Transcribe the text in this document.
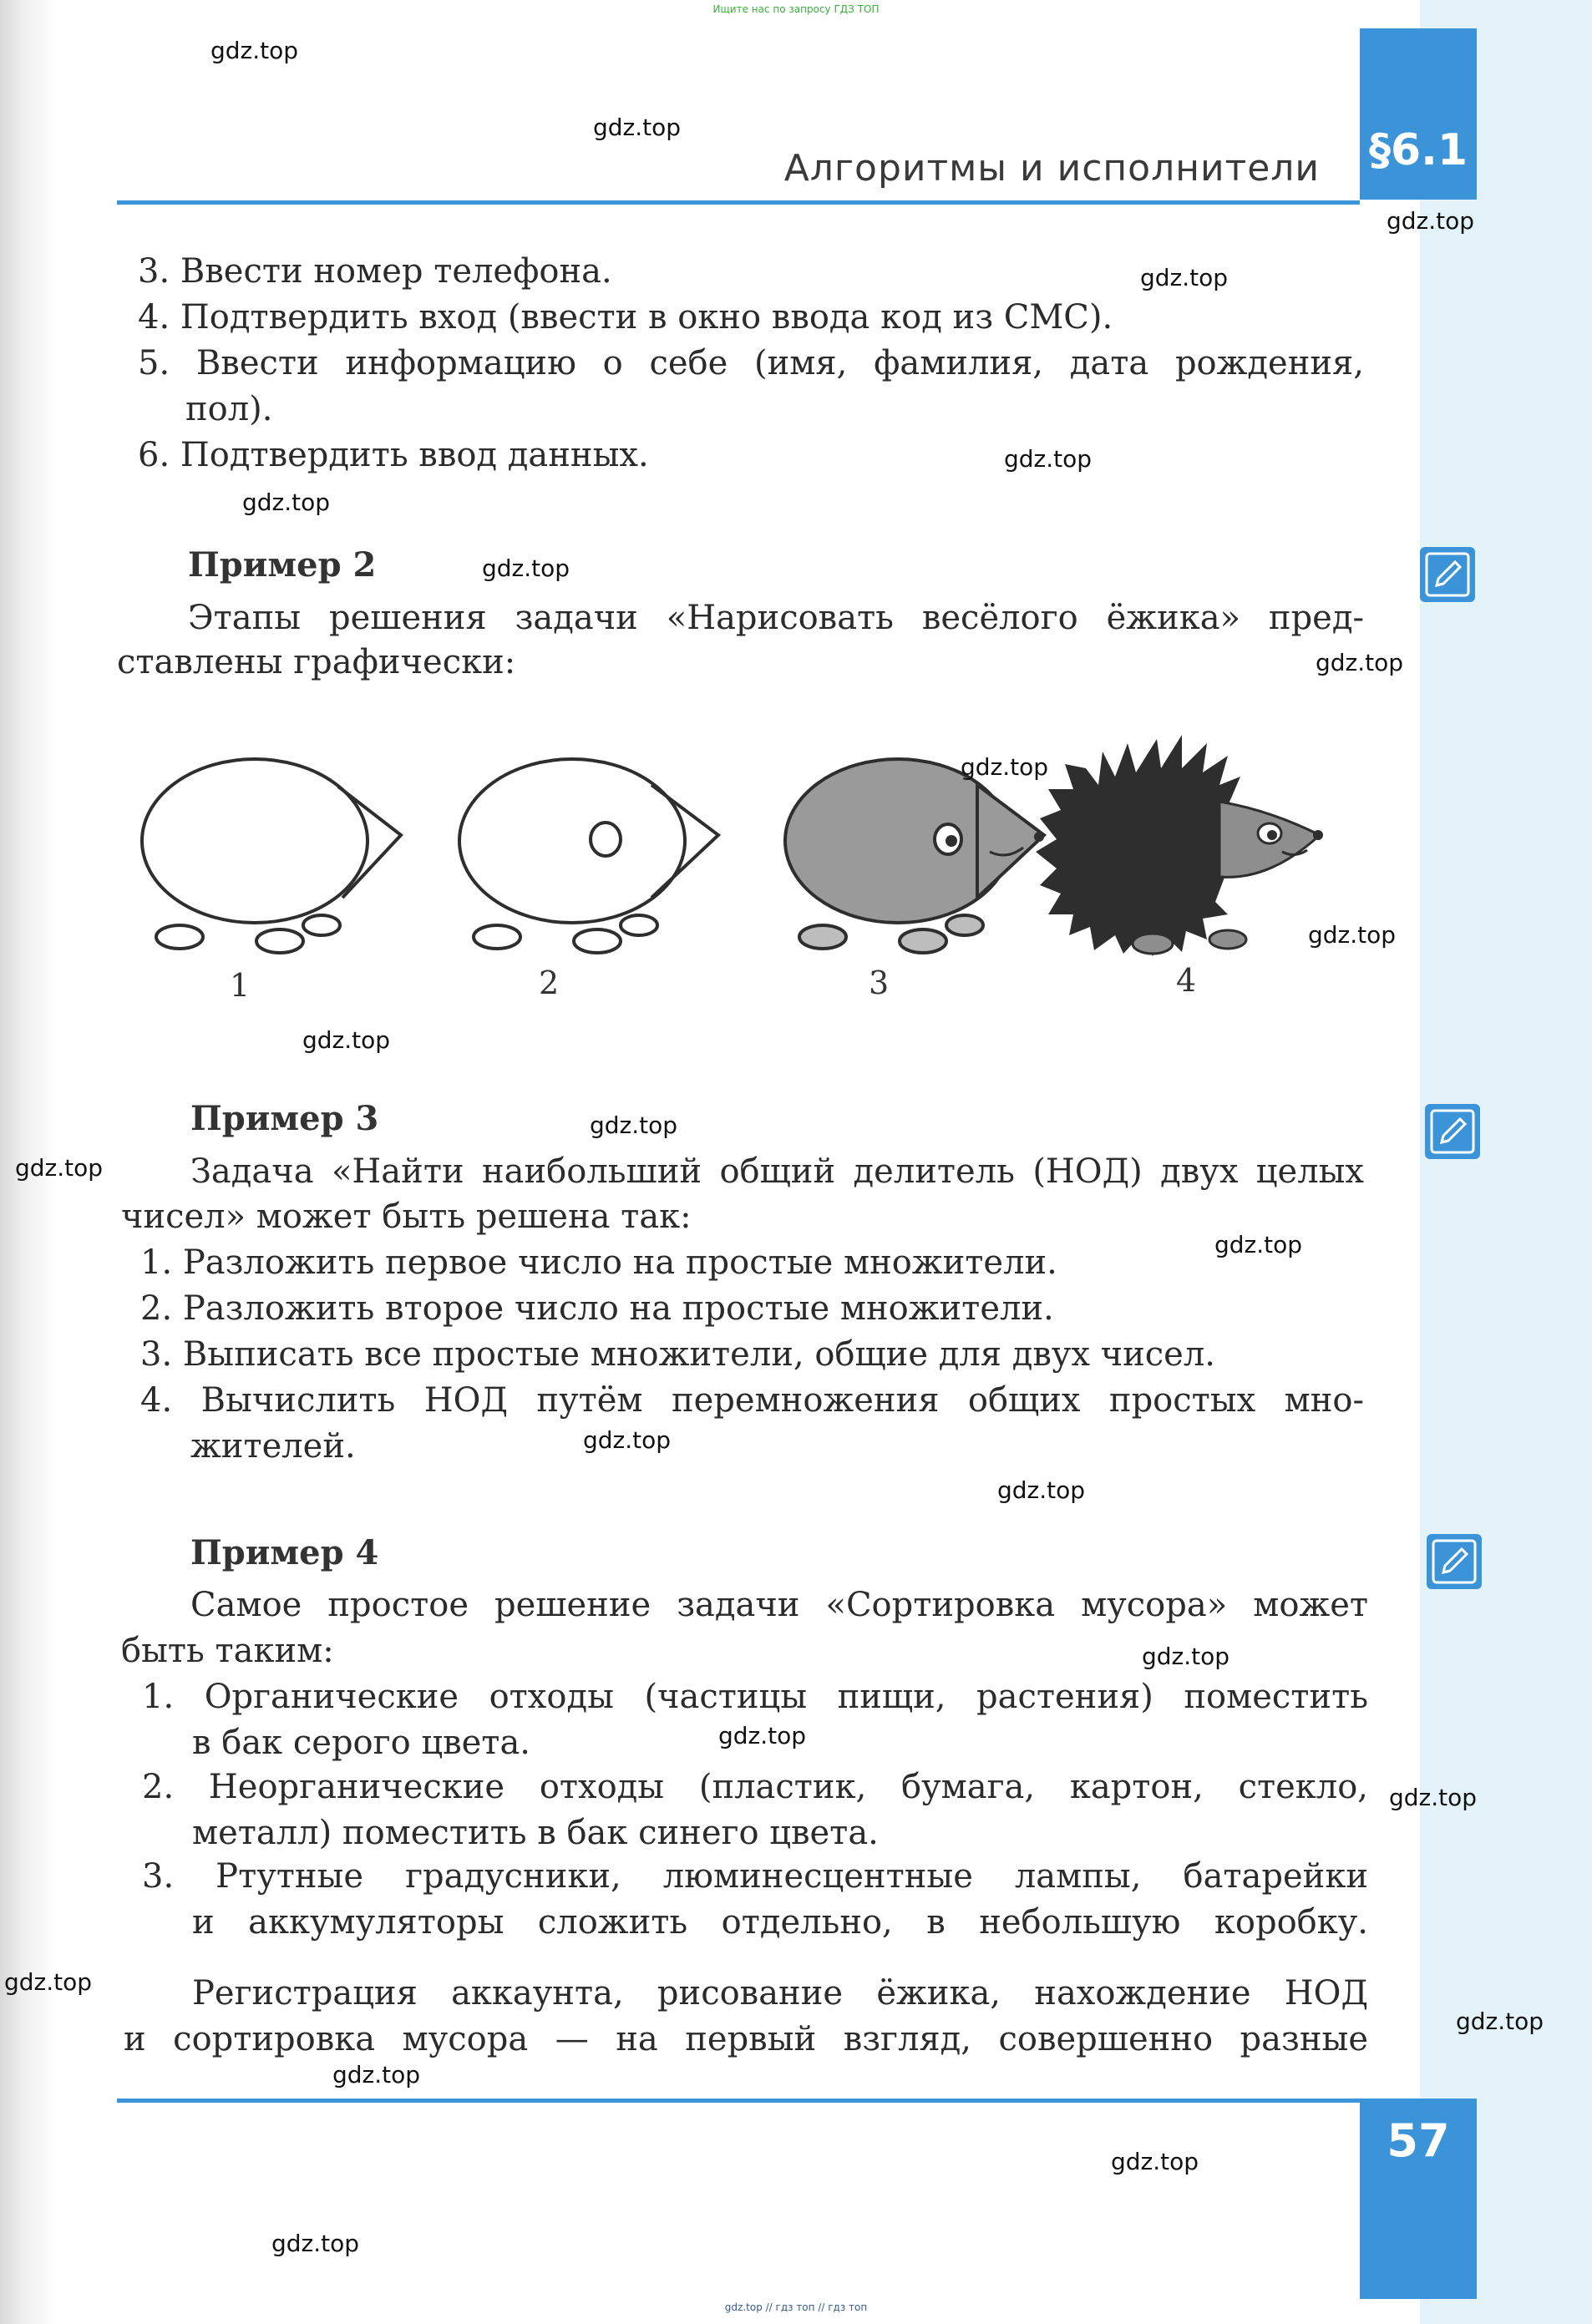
Ищите нас по запросу ГДЗ ТОП
§6.1
Алгоритмы и исполнители
3. Ввести номер телефона.
4. Подтвердить вход (ввести в окно ввода код из СМС).
5. Ввести информацию о себе (имя, фамилия, дата рождения,
пол).
6. Подтвердить ввод данных.
Пример 2
Этапы решения задачи «Нарисовать весёлого ёжика» пред-
ставлены графически:
1	2	3	4
Пример 3
Задача «Найти наибольший общий делитель (НОД) двух целых
чисел» может быть решена так:
1. Разложить первое число на простые множители.
2. Разложить второе число на простые множители.
3. Выписать все простые множители, общие для двух чисел.
4. Вычислить НОД путём перемножения общих простых мно-
жителей.
Пример 4
Самое простое решение задачи «Сортировка мусора» может
быть таким:
1. Органические отходы (частицы пищи, растения) поместить
в бак серого цвета.
2. Неорганические отходы (пластик, бумага, картон, стекло,
металл) поместить в бак синего цвета.
3. Ртутные градусники, люминесцентные лампы, батарейки
и аккумуляторы сложить отдельно, в небольшую коробку.
Регистрация аккаунта, рисование ёжика, нахождение НОД
и сортировка мусора — на первый взгляд, совершенно разные
57
gdz.top
gdz.top
gdz.top
gdz.top
gdz.top
gdz.top
gdz.top
gdz.top
gdz.top
gdz.top
gdz.top
gdz.top
gdz.top
gdz.top
gdz.top
gdz.top
gdz.top
gdz.top
gdz.top
gdz.top
gdz.top
gdz.top
gdz.top
gdz.top
gdz.top // гдз топ // гдз топ
